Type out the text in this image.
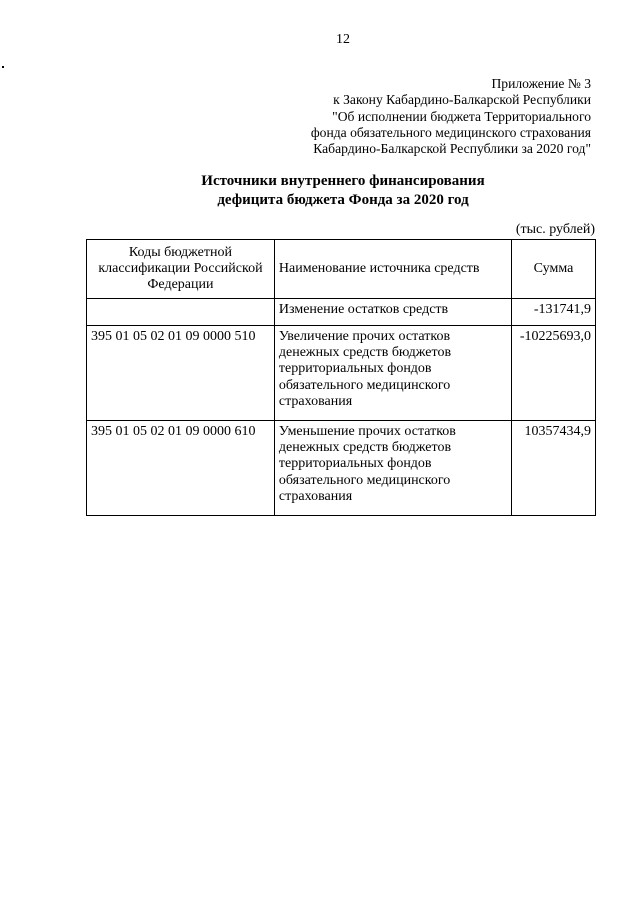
12
Приложение № 3
к Закону Кабардино-Балкарской Республики
"Об исполнении бюджета Территориального
фонда обязательного медицинского страхования
Кабардино-Балкарской Республики за 2020 год"
Источники внутреннего финансирования
дефицита бюджета Фонда за 2020 год
(тыс. рублей)
Коды бюджетной классификации Российской Федерации	Наименование источника средств	Сумма
	Изменение остатков средств	-131741,9
395 01 05 02 01 09 0000 510	Увеличение прочих остатков денежных средств бюджетов территориальных фондов обязательного медицинского страхования	-10225693,0
395 01 05 02 01 09 0000 610	Уменьшение прочих остатков денежных средств бюджетов территориальных фондов обязательного медицинского страхования	10357434,9
